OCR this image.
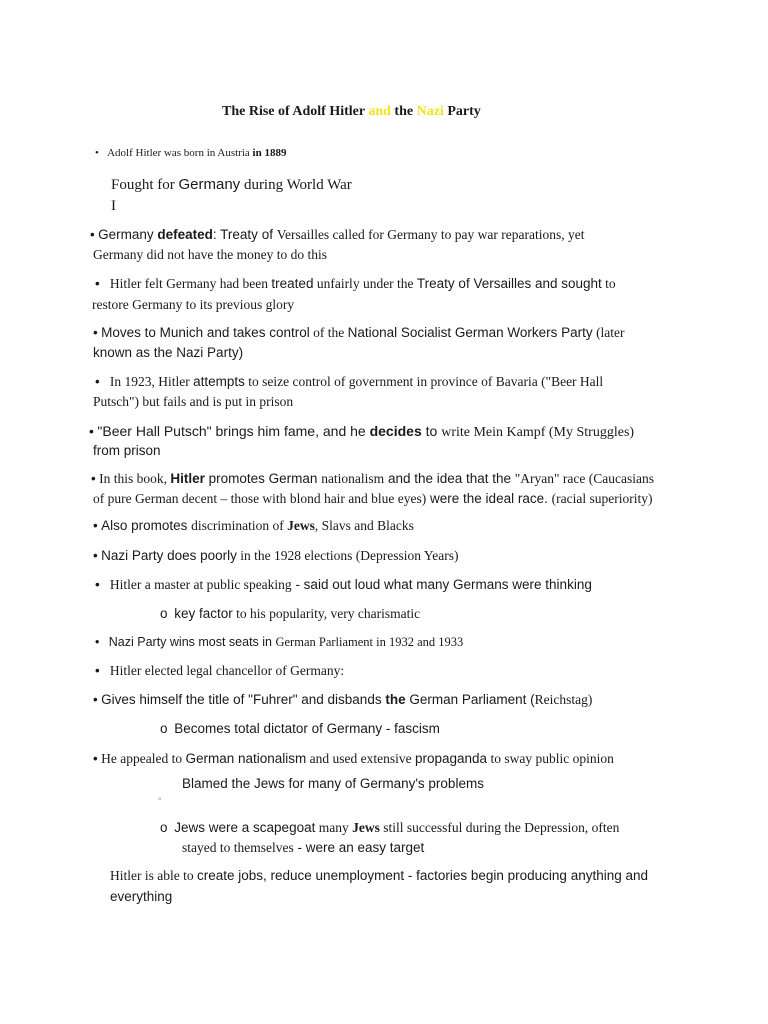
The Rise of Adolf Hitler and the Nazi Party
• Adolf Hitler was born in Austria in 1889
Fought for Germany during World War
I
• Germany defeated: Treaty of Versailles called for Germany to pay war reparations, yet
Germany did not have the money to do this
• Hitler felt Germany had been treated unfairly under the Treaty of Versailles and sought to
restore Germany to its previous glory
• Moves to Munich and takes control of the National Socialist German Workers Party (later
known as the Nazi Party)
• In 1923, Hitler attempts to seize control of government in province of Bavaria ("Beer Hall
Putsch") but fails and is put in prison
• "Beer Hall Putsch" brings him fame, and he decides to write Mein Kampf (My Struggles)
from prison
• In this book, Hitler promotes German nationalism and the idea that the "Aryan" race (Caucasians
of pure German decent – those with blond hair and blue eyes) were the ideal race. (racial superiority)
• Also promotes discrimination of Jews, Slavs and Blacks
• Nazi Party does poorly in the 1928 elections (Depression Years)
• Hitler a master at public speaking - said out loud what many Germans were thinking
o key factor to his popularity, very charismatic
• Nazi Party wins most seats in German Parliament in 1932 and 1933
• Hitler elected legal chancellor of Germany:
• Gives himself the title of "Fuhrer" and disbands the German Parliament (Reichstag)
o Becomes total dictator of Germany - fascism
• He appealed to German nationalism and used extensive propaganda to sway public opinion
Blamed the Jews for many of Germany's problems
◦
o Jews were a scapegoat many Jews still successful during the Depression, often
stayed to themselves - were an easy target
Hitler is able to create jobs, reduce unemployment - factories begin producing anything and
everything
